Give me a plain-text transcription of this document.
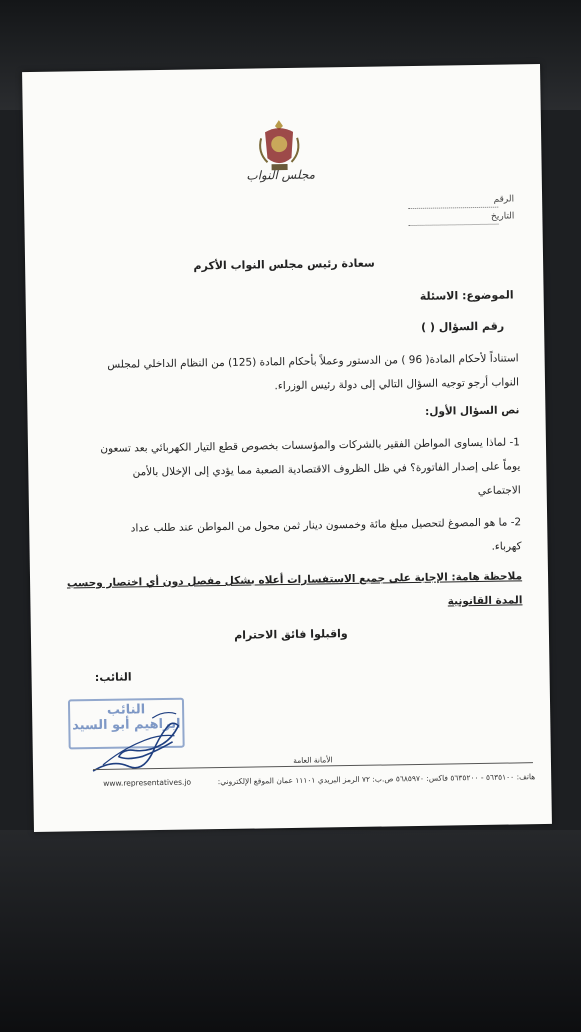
مجلس النواب
الرقم
التاريخ
سعادة رئيس مجلس النواب الأكرم
الموضوع: الاسئلة
رقم السؤال ( )
استناداً لأحكام المادة( 96 ) من الدستور وعملاً بأحكام المادة (125) من النظام الداخلي لمجلس
النواب أرجو توجيه السؤال التالي إلى دولة رئيس الوزراء.
نص السؤال الأول:
1- لماذا يساوى المواطن الفقير بالشركات والمؤسسات بخصوص قطع التيار الكهربائي بعد تسعون
يوماً على إصدار الفاتورة؟ في ظل الظروف الاقتصادية الصعبة مما يؤدي إلى الإخلال بالأمن
الاجتماعي
2- ما هو المصوغ لتحصيل مبلغ مائة وخمسون دينار ثمن محول من المواطن عند طلب عداد
كهرباء.
ملاحظة هامة: الإجابة على جميع الاستفسارات أعلاه بشكل مفصل دون أي اختصار وحسب
المدة القانونية
واقبلوا فائق الاحترام
النائب:
النائب
ابراهيم أبو السيد
الأمانة العامة
هاتف: ٥٦٣٥١٠٠ - ٥٦٣٥٢٠٠ فاكس: ٥٦٨٥٩٧٠ ص.ب: ٧٢ الرمز البريدي ١١١٠١ عمان الموقع الإلكتروني:
www.representatives.jo
